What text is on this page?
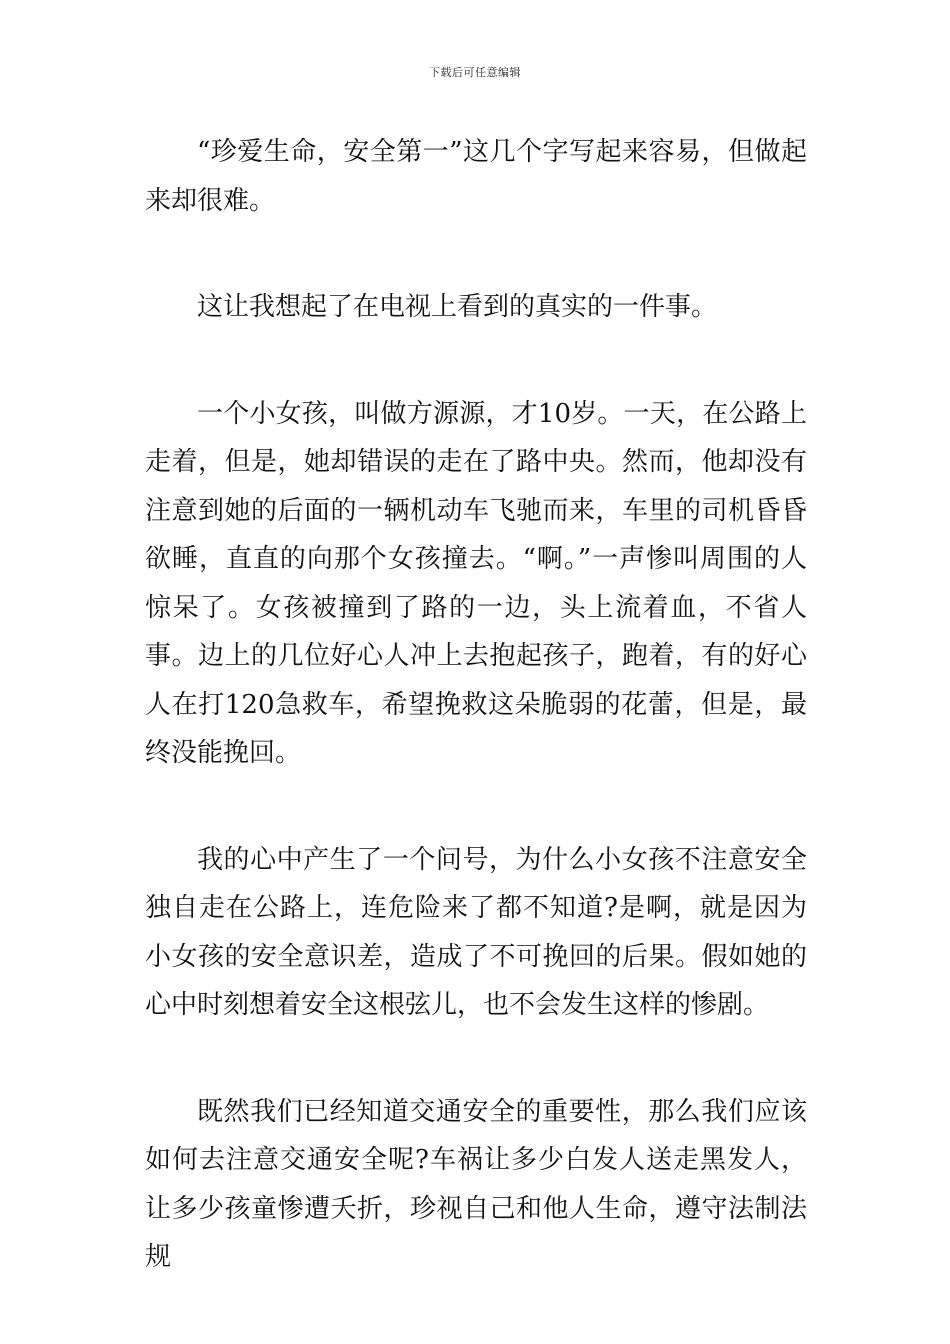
下载后可任意编辑

“珍爱生命，安全第一”这几个字写起来容易，但做起来却很难。

这让我想起了在电视上看到的真实的一件事。

一个小女孩，叫做方源源，才10岁。一天，在公路上走着，但是，她却错误的走在了路中央。然而，他却没有注意到她的后面的一辆机动车飞驰而来，车里的司机昏昏欲睡，直直的向那个女孩撞去。“啊。”一声惨叫周围的人惊呆了。女孩被撞到了路的一边，头上流着血，不省人事。边上的几位好心人冲上去抱起孩子，跑着，有的好心人在打120急救车，希望挽救这朵脆弱的花蕾，但是，最终没能挽回。

我的心中产生了一个问号，为什么小女孩不注意安全独自走在公路上，连危险来了都不知道?是啊，就是因为小女孩的安全意识差，造成了不可挽回的后果。假如她的心中时刻想着安全这根弦儿，也不会发生这样的惨剧。

既然我们已经知道交通安全的重要性，那么我们应该如何去注意交通安全呢?车祸让多少白发人送走黑发人，让多少孩童惨遭夭折，珍视自己和他人生命，遵守法制法规
